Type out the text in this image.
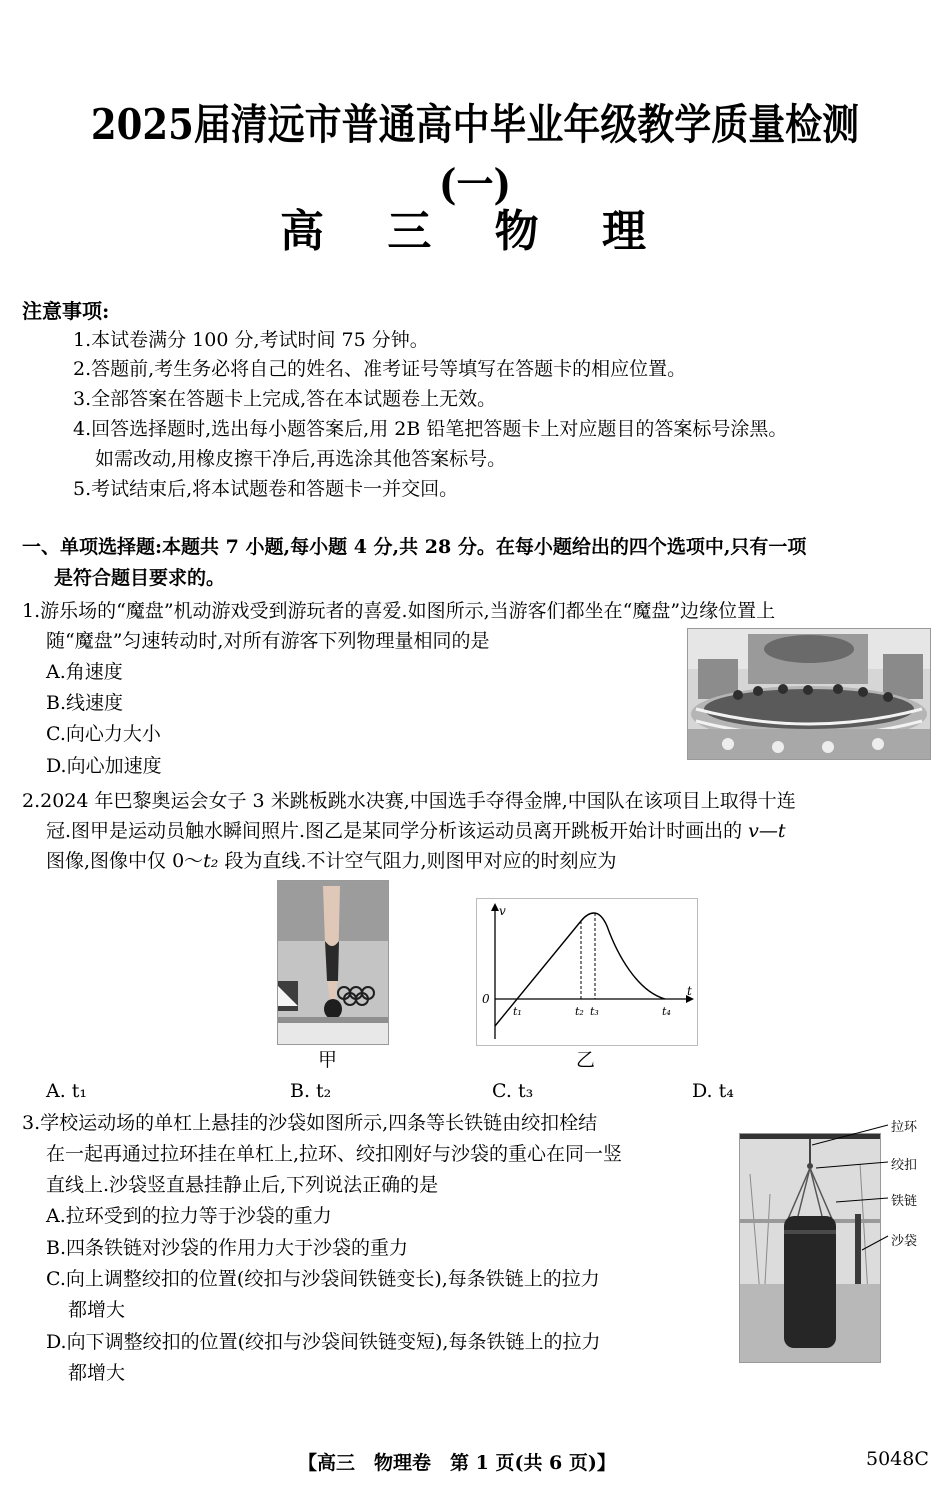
2025届清远市普通高中毕业年级教学质量检测(一)
高 三 物 理
注意事项:
1.本试卷满分 100 分,考试时间 75 分钟。
2.答题前,考生务必将自己的姓名、准考证号等填写在答题卡的相应位置。
3.全部答案在答题卡上完成,答在本试题卷上无效。
4.回答选择题时,选出每小题答案后,用 2B 铅笔把答题卡上对应题目的答案标号涂黑。
如需改动,用橡皮擦干净后,再选涂其他答案标号。
5.考试结束后,将本试题卷和答题卡一并交回。
一、单项选择题:本题共 7 小题,每小题 4 分,共 28 分。在每小题给出的四个选项中,只有一项
是符合题目要求的。
1.游乐场的“魔盘”机动游戏受到游玩者的喜爱.如图所示,当游客们都坐在“魔盘”边缘位置上
随“魔盘”匀速转动时,对所有游客下列物理量相同的是
A.角速度
B.线速度
C.向心力大小
D.向心加速度
2.2024 年巴黎奥运会女子 3 米跳板跳水决赛,中国选手夺得金牌,中国队在该项目上取得十连
冠.图甲是运动员触水瞬间照片.图乙是某同学分析该运动员离开跳板开始计时画出的 v—t
图像,图像中仅 0～t₂ 段为直线.不计空气阻力,则图甲对应的时刻应为
甲
v
t
0
t₁	t₂ t₃	t₄
乙
A. t₁	B. t₂	C. t₃	D. t₄
3.学校运动场的单杠上悬挂的沙袋如图所示,四条等长铁链由绞扣栓结
在一起再通过拉环挂在单杠上,拉环、绞扣刚好与沙袋的重心在同一竖
直线上.沙袋竖直悬挂静止后,下列说法正确的是
A.拉环受到的拉力等于沙袋的重力
B.四条铁链对沙袋的作用力大于沙袋的重力
C.向上调整绞扣的位置(绞扣与沙袋间铁链变长),每条铁链上的拉力
都增大
D.向下调整绞扣的位置(绞扣与沙袋间铁链变短),每条铁链上的拉力
都增大
拉环
绞扣
铁链
沙袋
【高三　物理卷　第 1 页(共 6 页)】	5048C
